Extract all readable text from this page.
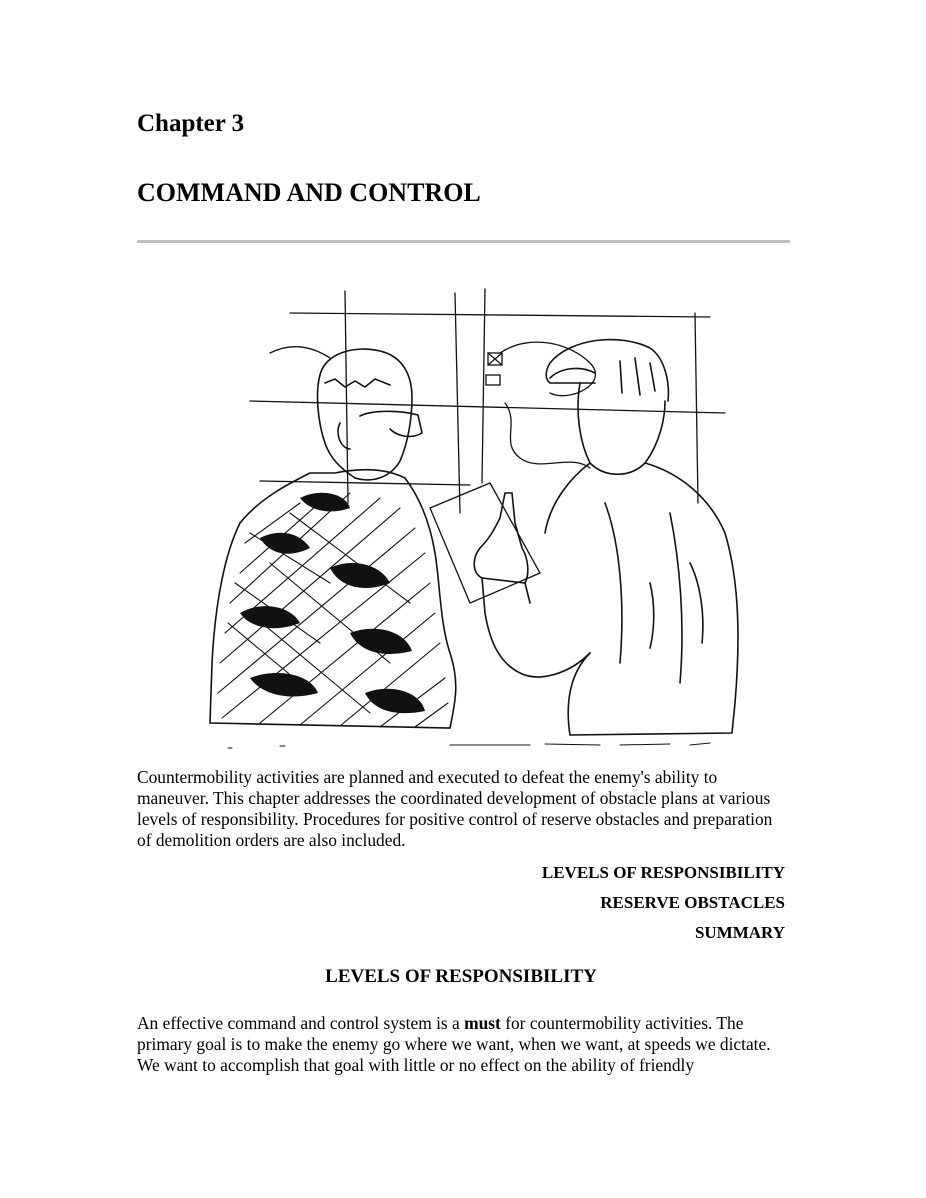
Chapter 3
COMMAND AND CONTROL

Countermobility activities are planned and executed to defeat the enemy's ability to maneuver. This chapter addresses the coordinated development of obstacle plans at various levels of responsibility. Procedures for positive control of reserve obstacles and preparation of demolition orders are also included.

LEVELS OF RESPONSIBILITY
RESERVE OBSTACLES
SUMMARY
LEVELS OF RESPONSIBILITY

An effective command and control system is a must for countermobility activities. The primary goal is to make the enemy go where we want, when we want, at speeds we dictate. We want to accomplish that goal with little or no effect on the ability of friendly
